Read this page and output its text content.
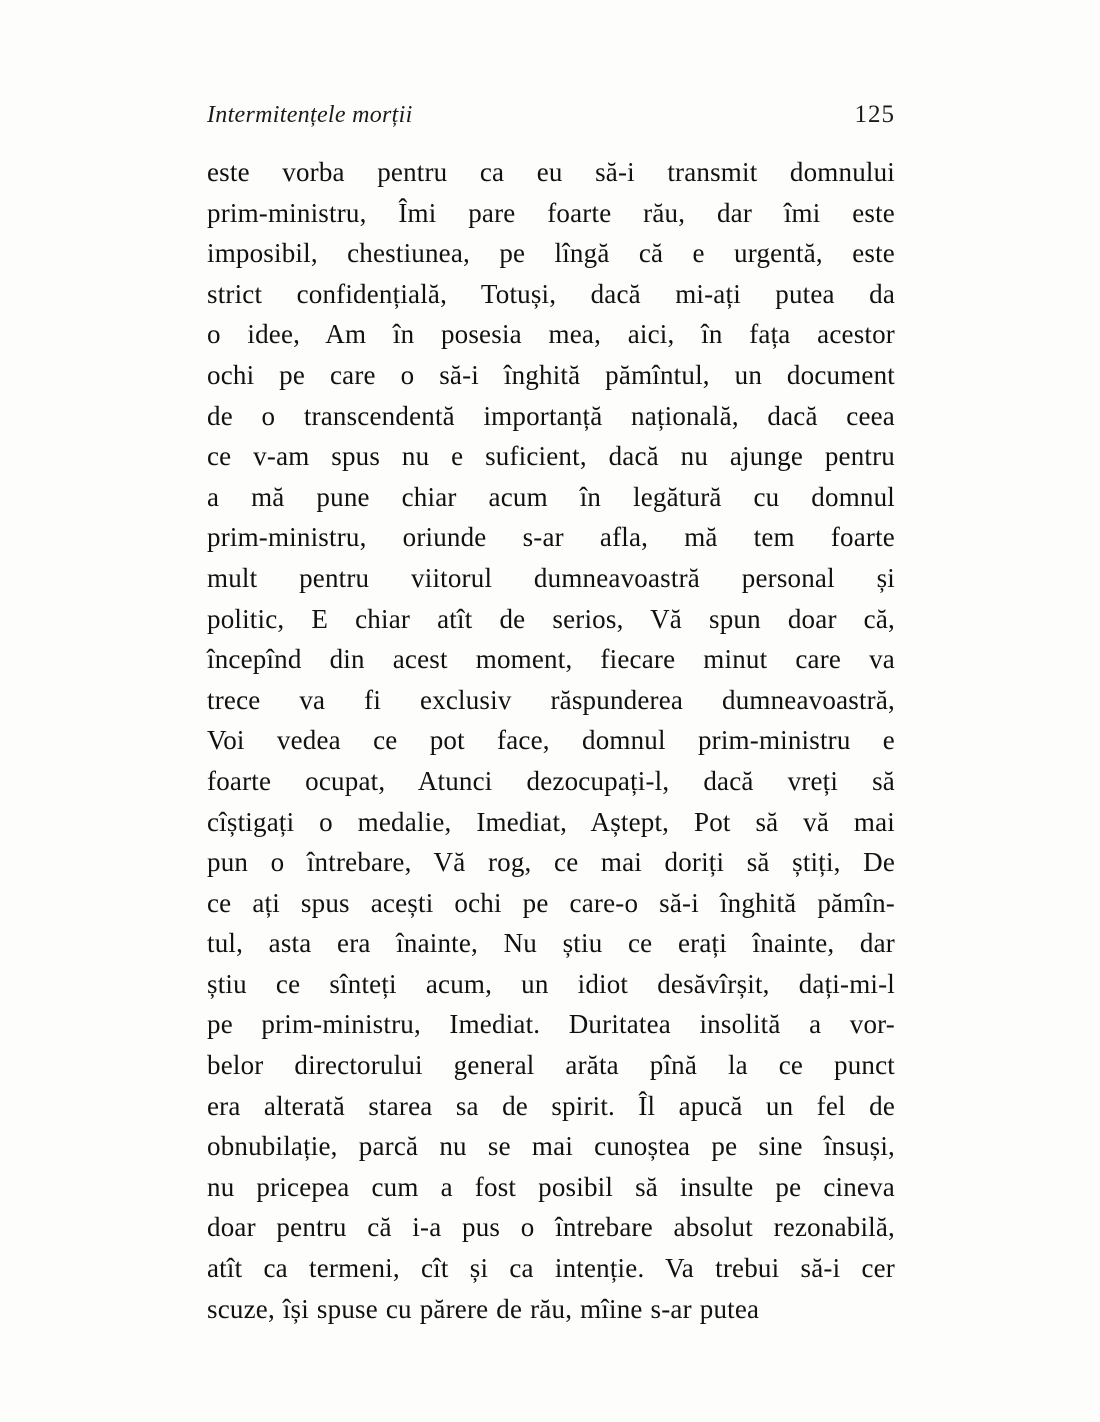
Intermitențele morții	125
este vorba pentru ca eu să-i transmit domnului
prim-ministru, Îmi pare foarte rău, dar îmi este
imposibil, chestiunea, pe lîngă că e urgentă, este
strict confidențială, Totuși, dacă mi-ați putea da
o idee, Am în posesia mea, aici, în fața acestor
ochi pe care o să-i înghită pămîntul, un document
de o transcendentă importanță națională, dacă ceea
ce v-am spus nu e suficient, dacă nu ajunge pentru
a mă pune chiar acum în legătură cu domnul
prim-ministru, oriunde s-ar afla, mă tem foarte
mult pentru viitorul dumneavoastră personal și
politic, E chiar atît de serios, Vă spun doar că,
începînd din acest moment, fiecare minut care va
trece va fi exclusiv răspunderea dumneavoastră,
Voi vedea ce pot face, domnul prim-ministru e
foarte ocupat, Atunci dezocupați-l, dacă vreți să
cîștigați o medalie, Imediat, Aștept, Pot să vă mai
pun o întrebare, Vă rog, ce mai doriți să știți, De
ce ați spus acești ochi pe care-o să-i înghită pămîn-
tul, asta era înainte, Nu știu ce erați înainte, dar
știu ce sînteți acum, un idiot desăvîrșit, dați-mi-l
pe prim-ministru, Imediat. Duritatea insolită a vor-
belor directorului general arăta pînă la ce punct
era alterată starea sa de spirit. Îl apucă un fel de
obnubilație, parcă nu se mai cunoștea pe sine însuși,
nu pricepea cum a fost posibil să insulte pe cineva
doar pentru că i-a pus o întrebare absolut rezonabilă,
atît ca termeni, cît și ca intenție. Va trebui să-i cer
scuze, își spuse cu părere de rău, mîine s-ar putea
